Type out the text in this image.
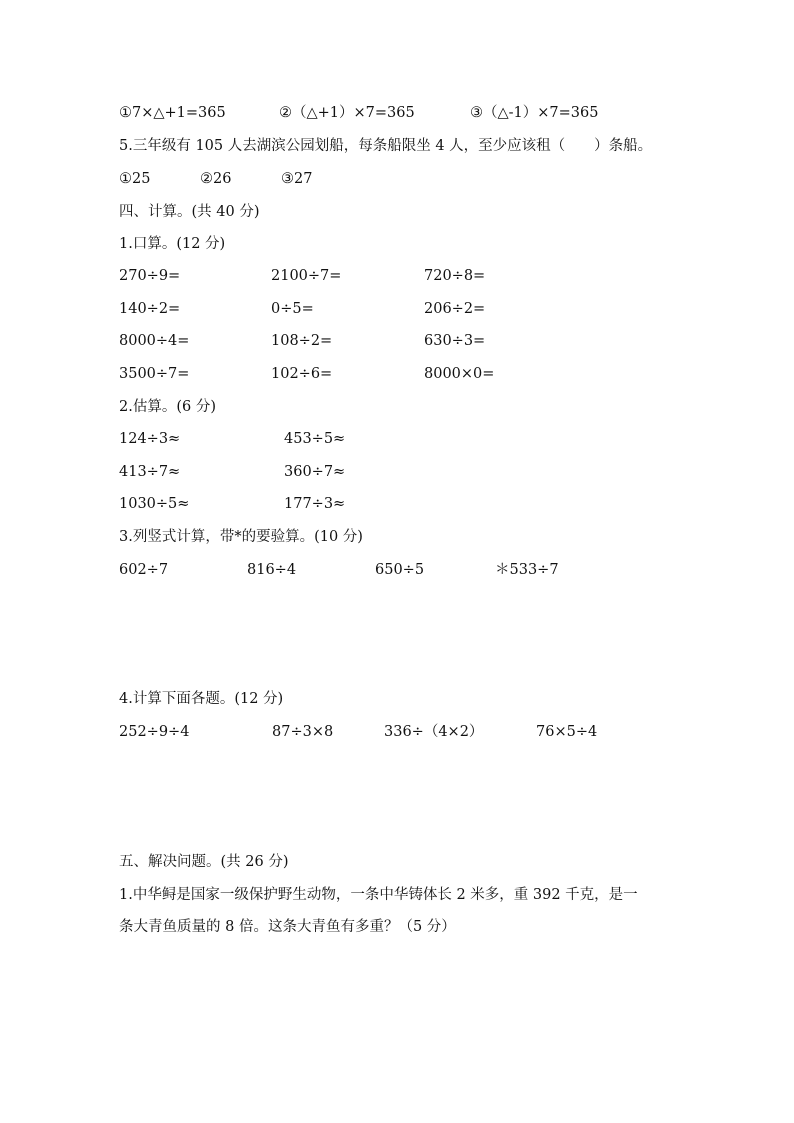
①7×△+1=365	②（△+1）×7=365	③（△-1）×7=365
5.三年级有 105 人去湖滨公园划船，每条船限坐 4 人，至少应该租（　　）条船。
①25	②26	③27
四、计算。(共 40 分)
1.口算。(12 分)
270÷9=	2100÷7=	720÷8=
140÷2=	0÷5=	206÷2=
8000÷4=	108÷2=	630÷3=
3500÷7=	102÷6=	8000×0=
2.估算。(6 分)
124÷3≈	453÷5≈
413÷7≈	360÷7≈
1030÷5≈	177÷3≈
3.列竖式计算，带*的要验算。(10 分)
602÷7	816÷4	650÷5	＊533÷7
4.计算下面各题。(12 分)
252÷9÷4	87÷3×8	336÷（4×2）	76×5÷4
五、解决问题。(共 26 分)
1.中华鲟是国家一级保护野生动物，一条中华铸体长 2 米多，重 392 千克，是一
条大青鱼质量的 8 倍。这条大青鱼有多重？（5 分）
